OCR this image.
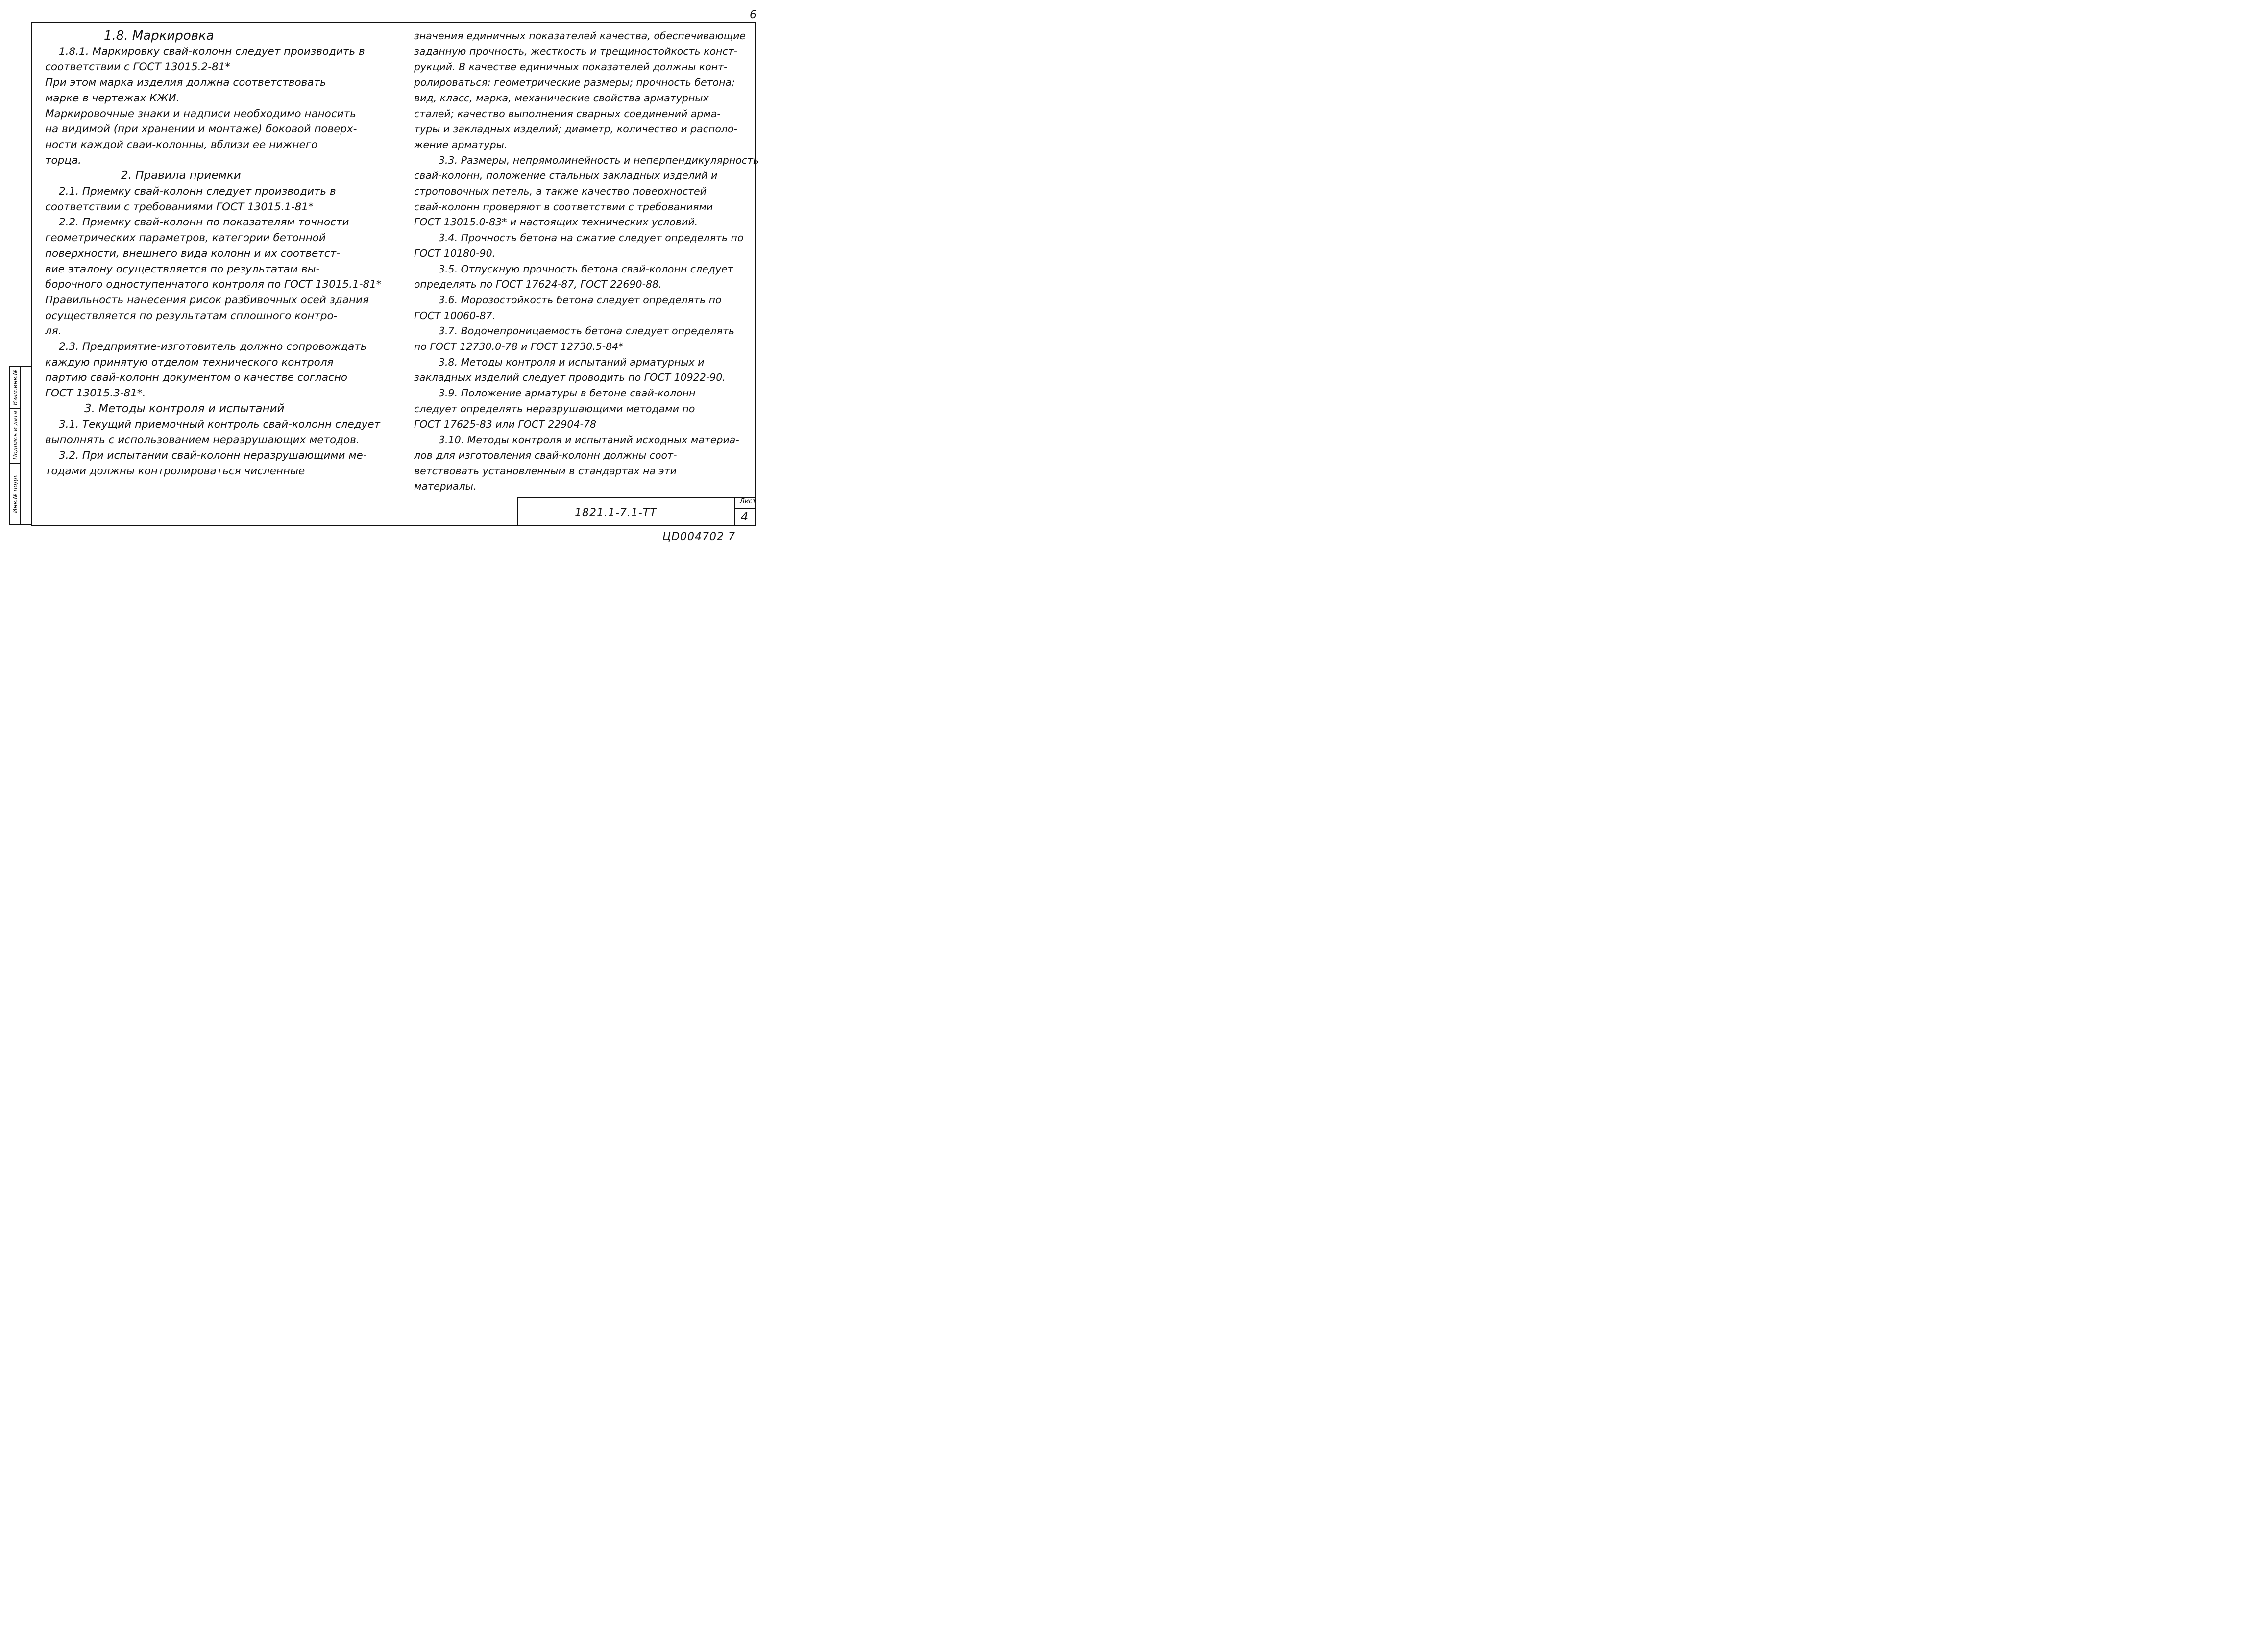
6

1.8. Маркировка

1.8.1. Маркировку свай-колонн следует производить в

соответствии с ГОСТ 13015.2-81*

При этом марка изделия должна соответствовать

марке в чертежах КЖИ.

Маркировочные знаки и надписи необходимо наносить

на видимой (при хранении и монтаже) боковой поверх-

ности каждой сваи-колонны, вблизи ее нижнего

торца.

2. Правила приемки

2.1. Приемку свай-колонн следует производить в

соответствии с требованиями ГОСТ 13015.1-81*

2.2. Приемку свай-колонн по показателям точности

геометрических параметров, категории бетонной

поверхности, внешнего вида колонн и их соответст-

вие эталону осуществляется по результатам вы-

борочного одноступенчатого контроля по ГОСТ 13015.1-81*

Правильность нанесения рисок разбивочных осей здания

осуществляется по результатам сплошного контро-

ля.

2.3. Предприятие-изготовитель должно сопровождать

каждую принятую отделом технического контроля

партию свай-колонн документом о качестве согласно

ГОСТ 13015.3-81*.

3. Методы контроля и испытаний

3.1. Текущий приемочный контроль свай-колонн следует

выполнять с использованием неразрушающих методов.

3.2. При испытании свай-колонн неразрушающими ме-

тодами должны контролироваться численные

значения единичных показателей качества, обеспечивающие

заданную прочность, жесткость и трещиностойкость конст-

рукций. В качестве единичных показателей должны конт-

ролироваться: геометрические размеры; прочность бетона;

вид, класс, марка, механические свойства арматурных

сталей; качество выполнения сварных соединений арма-

туры и закладных изделий; диаметр, количество и располо-

жение арматуры.

3.3. Размеры, непрямолинейность и неперпендикулярность

свай-колонн, положение стальных закладных изделий и

строповочных петель, а также качество поверхностей

свай-колонн проверяют в соответствии с требованиями

ГОСТ 13015.0-83* и настоящих технических условий.

3.4. Прочность бетона на сжатие следует определять по

ГОСТ 10180-90.

3.5. Отпускную прочность бетона свай-колонн следует

определять по ГОСТ 17624-87, ГОСТ 22690-88.

3.6. Морозостойкость бетона следует определять по

ГОСТ 10060-87.

3.7. Водонепроницаемость бетона следует определять

по ГОСТ 12730.0-78 и ГОСТ 12730.5-84*

3.8. Методы контроля и испытаний арматурных и

закладных изделий следует проводить по ГОСТ 10922-90.

3.9. Положение арматуры в бетоне свай-колонн

следует определять неразрушающими методами по

ГОСТ 17625-83 или ГОСТ 22904-78

3.10. Методы контроля и испытаний исходных материа-

лов для изготовления свай-колонн должны соот-

ветствовать установленным в стандартах на эти

материалы.

Взам.инв.№
Подпись и дата
Инв.№ подл.
1821.1-7.1-ТТ
Лист
4
ЦD004702 7
